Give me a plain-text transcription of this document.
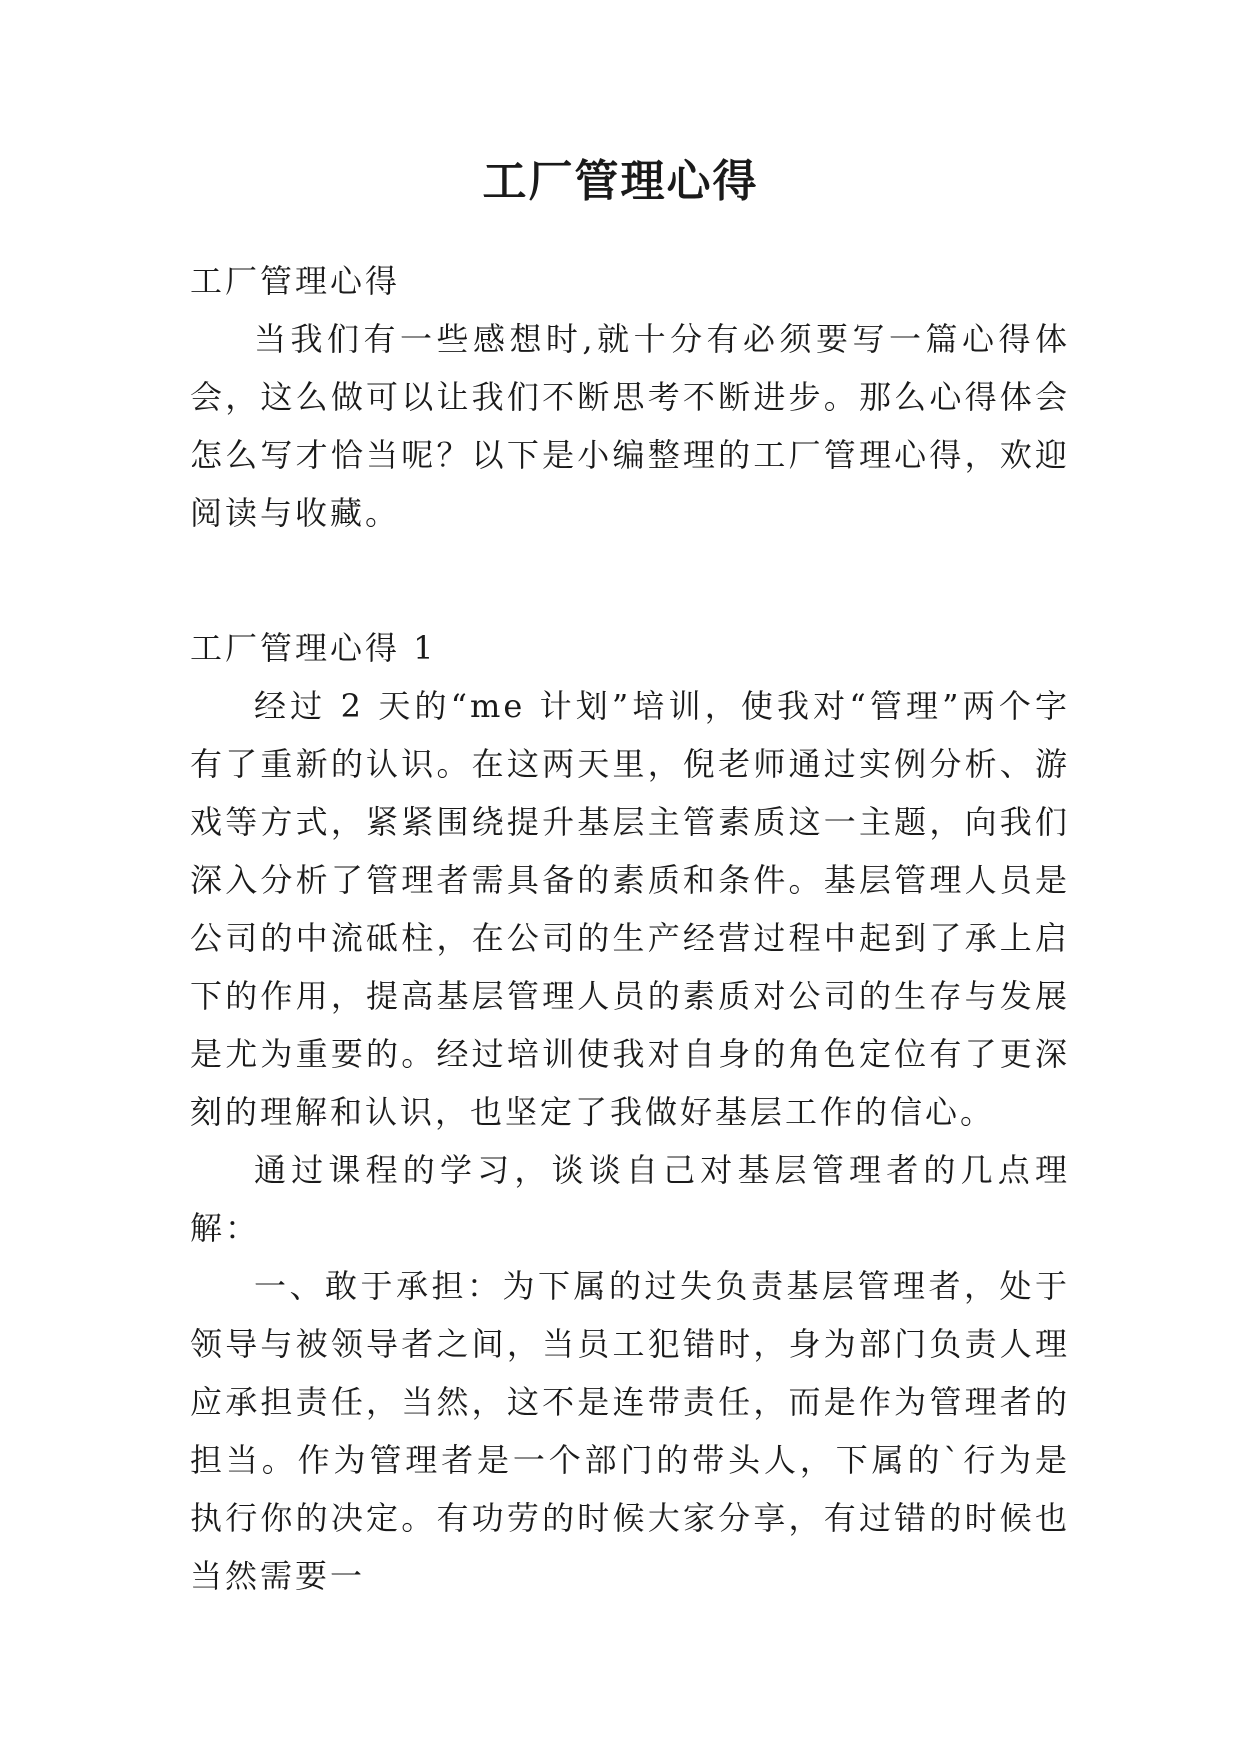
工厂管理心得

工厂管理心得

当我们有一些感想时,就十分有必须要写一篇心得体会，这么做可以让我们不断思考不断进步。那么心得体会怎么写才恰当呢？以下是小编整理的工厂管理心得，欢迎阅读与收藏。

工厂管理心得 1

经过 2 天的“me 计划”培训，使我对“管理”两个字有了重新的认识。在这两天里，倪老师通过实例分析、游戏等方式，紧紧围绕提升基层主管素质这一主题，向我们深入分析了管理者需具备的素质和条件。基层管理人员是公司的中流砥柱，在公司的生产经营过程中起到了承上启下的作用，提高基层管理人员的素质对公司的生存与发展是尤为重要的。经过培训使我对自身的角色定位有了更深刻的理解和认识，也坚定了我做好基层工作的信心。

通过课程的学习，谈谈自己对基层管理者的几点理解：

一、敢于承担：为下属的过失负责基层管理者，处于领导与被领导者之间，当员工犯错时，身为部门负责人理应承担责任，当然，这不是连带责任，而是作为管理者的担当。作为管理者是一个部门的带头人，下属的`行为是执行你的决定。有功劳的时候大家分享，有过错的时候也当然需要一
